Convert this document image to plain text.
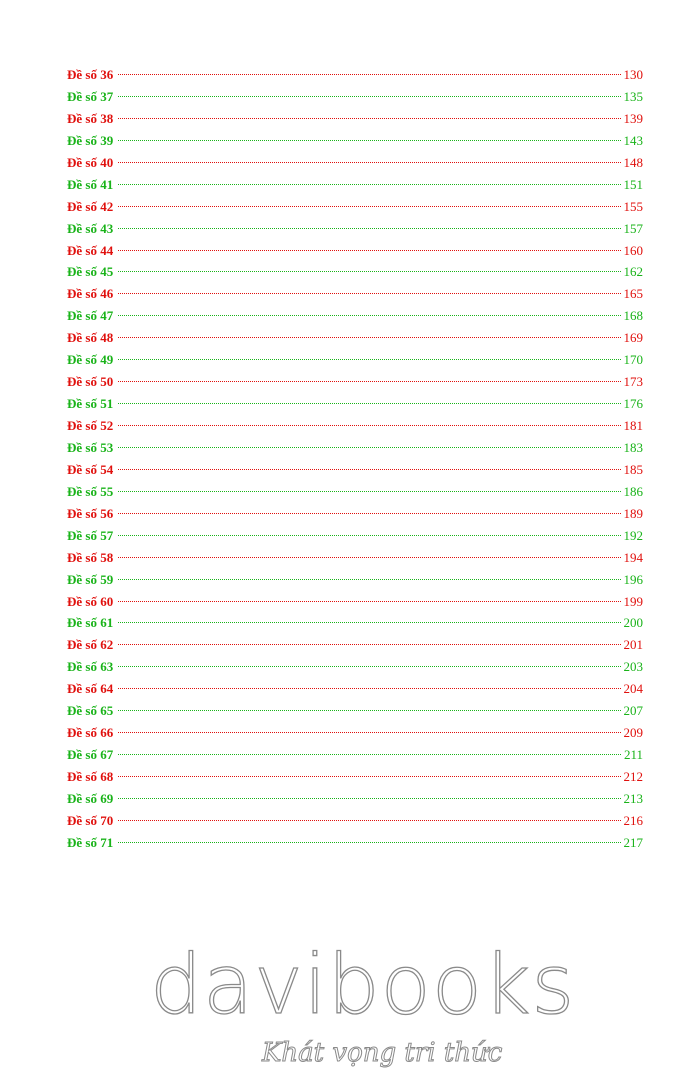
Đề số 36	130
Đề số 37	135
Đề số 38	139
Đề số 39	143
Đề số 40	148
Đề số 41	151
Đề số 42	155
Đề số 43	157
Đề số 44	160
Đề số 45	162
Đề số 46	165
Đề số 47	168
Đề số 48	169
Đề số 49	170
Đề số 50	173
Đề số 51	176
Đề số 52	181
Đề số 53	183
Đề số 54	185
Đề số 55	186
Đề số 56	189
Đề số 57	192
Đề số 58	194
Đề số 59	196
Đề số 60	199
Đề số 61	200
Đề số 62	201
Đề số 63	203
Đề số 64	204
Đề số 65	207
Đề số 66	209
Đề số 67	211
Đề số 68	212
Đề số 69	213
Đề số 70	216
Đề số 71	217
davibooks
Khát vọng tri thức
